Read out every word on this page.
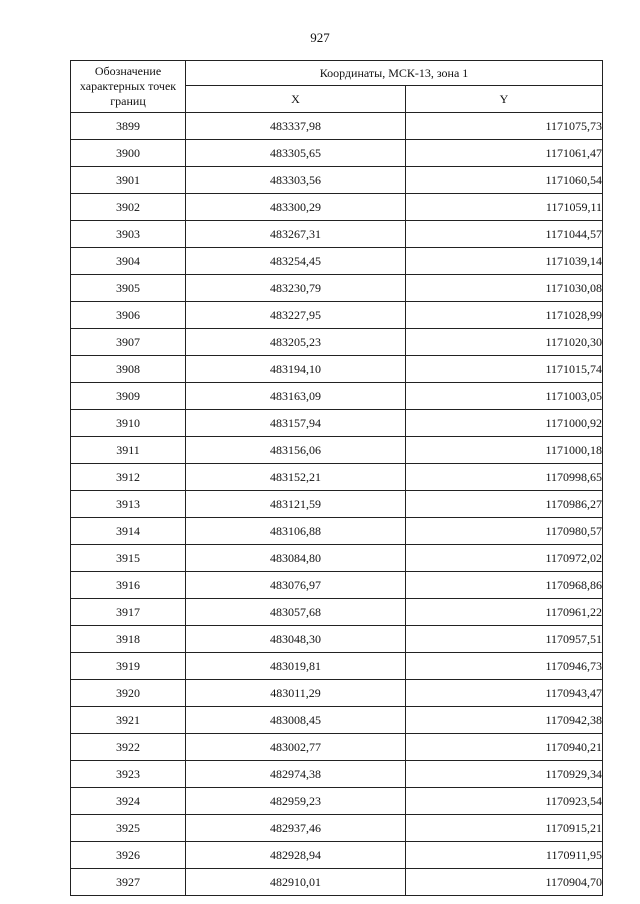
927
Обозначение характерных точек границ	Координаты, МСК-13, зона 1	
	X	Y
3899	483337,98	1171075,73
3900	483305,65	1171061,47
3901	483303,56	1171060,54
3902	483300,29	1171059,11
3903	483267,31	1171044,57
3904	483254,45	1171039,14
3905	483230,79	1171030,08
3906	483227,95	1171028,99
3907	483205,23	1171020,30
3908	483194,10	1171015,74
3909	483163,09	1171003,05
3910	483157,94	1171000,92
3911	483156,06	1171000,18
3912	483152,21	1170998,65
3913	483121,59	1170986,27
3914	483106,88	1170980,57
3915	483084,80	1170972,02
3916	483076,97	1170968,86
3917	483057,68	1170961,22
3918	483048,30	1170957,51
3919	483019,81	1170946,73
3920	483011,29	1170943,47
3921	483008,45	1170942,38
3922	483002,77	1170940,21
3923	482974,38	1170929,34
3924	482959,23	1170923,54
3925	482937,46	1170915,21
3926	482928,94	1170911,95
3927	482910,01	1170904,70
